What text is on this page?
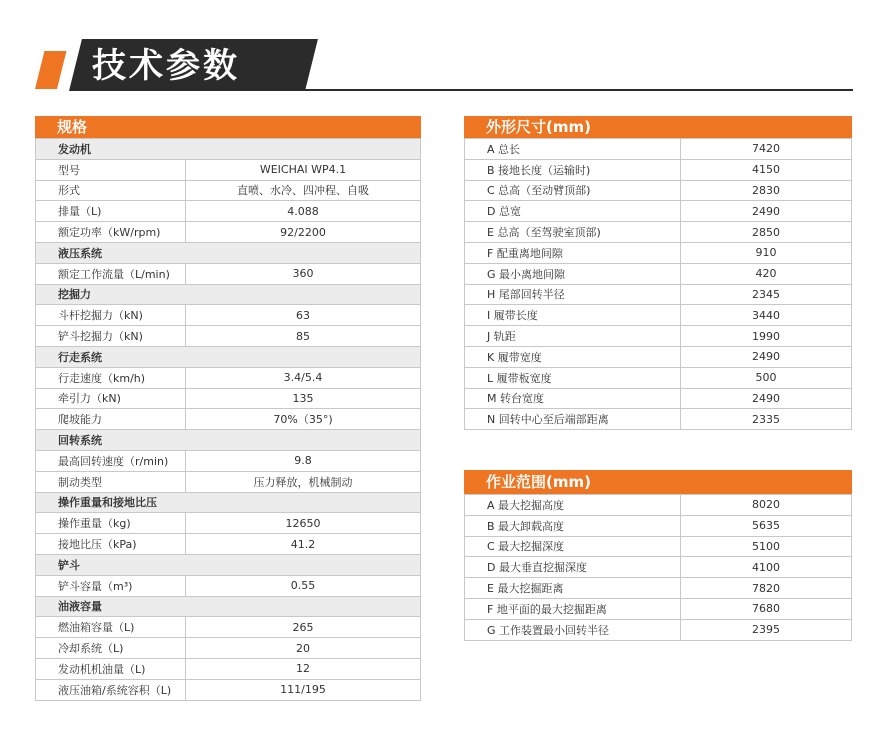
技术参数
规格
发动机	
型号	WEICHAI WP4.1
形式	直喷、水冷、四冲程、自吸
排量（L)	4.088
额定功率（kW/rpm)	92/2200
液压系统	
额定工作流量（L/min)	360
挖掘力	
斗杆挖掘力（kN)	63
铲斗挖掘力（kN)	85
行走系统	
行走速度（km/h)	3.4/5.4
牵引力（kN)	135
爬坡能力	70%（35°)
回转系统	
最高回转速度（r/min)	9.8
制动类型	压力释放，机械制动
操作重量和接地比压	
操作重量（kg)	12650
接地比压（kPa)	41.2
铲斗	
铲斗容量（m³)	0.55
油液容量	
燃油箱容量（L)	265
冷却系统（L)	20
发动机机油量（L)	12
液压油箱/系统容积（L)	111/195
外形尺寸(mm)
A 总长	7420
B 接地长度（运输时)	4150
C 总高（至动臂顶部)	2830
D 总宽	2490
E 总高（至驾驶室顶部)	2850
F 配重离地间隙	910
G 最小离地间隙	420
H 尾部回转半径	2345
I 履带长度	3440
J 轨距	1990
K 履带宽度	2490
L 履带板宽度	500
M 转台宽度	2490
N 回转中心至后端部距离	2335
作业范围(mm)
A 最大挖掘高度	8020
B 最大卸载高度	5635
C 最大挖掘深度	5100
D 最大垂直挖掘深度	4100
E 最大挖掘距离	7820
F 地平面的最大挖掘距离	7680
G 工作装置最小回转半径	2395
